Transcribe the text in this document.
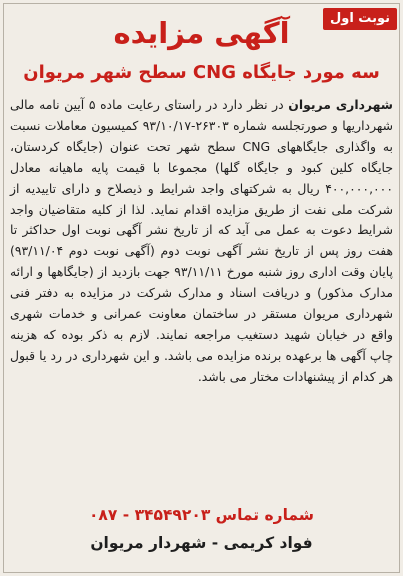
نوبت اول
آگهی مزایده
سه مورد جایگاه CNG سطح شهر مریوان
شهرداری مریوان در نظر دارد در راستای رعایت ماده ۵ آیین نامه مالی شهرداریها و صورتجلسه شماره ۲۶۳۰۳-۹۳/۱۰/۱۷ کمیسیون معاملات نسبت به واگذاری جایگاههای CNG سطح شهر تحت عنوان (جایگاه کردستان، جایگاه کلین کبود و جایگاه گلها) مجموعا با قیمت پایه ماهیانه معادل ۴۰۰,۰۰۰,۰۰۰ ریال به شرکتهای واجد شرایط و ذیصلاح و دارای تاییدیه از شرکت ملی نفت از طریق مزایده اقدام نماید. لذا از کلیه متقاضیان واجد شرایط دعوت به عمل می آید که از تاریخ نشر آگهی نوبت اول حداکثر تا هفت روز پس از تاریخ نشر آگهی نوبت دوم (آگهی نوبت دوم ۹۳/۱۱/۰۴) پایان وقت اداری روز شنبه مورخ ۹۳/۱۱/۱۱ جهت بازدید از (جایگاهها و ارائه مدارک مذکور) و دریافت اسناد و مدارک شرکت در مزایده به دفتر فنی شهرداری مریوان مستقر در ساختمان معاونت عمرانی و خدمات شهری واقع در خیابان شهید دستغیب مراجعه نمایند. لازم به ذکر بوده که هزینه چاپ آگهی ها برعهده برنده مزایده می باشد. و این شهرداری در رد یا قبول هر کدام از پیشنهادات مختار می باشد.
شماره تماس ۳۴۵۴۹۲۰۳ - ۰۸۷
فواد کریمی - شهردار مریوان
